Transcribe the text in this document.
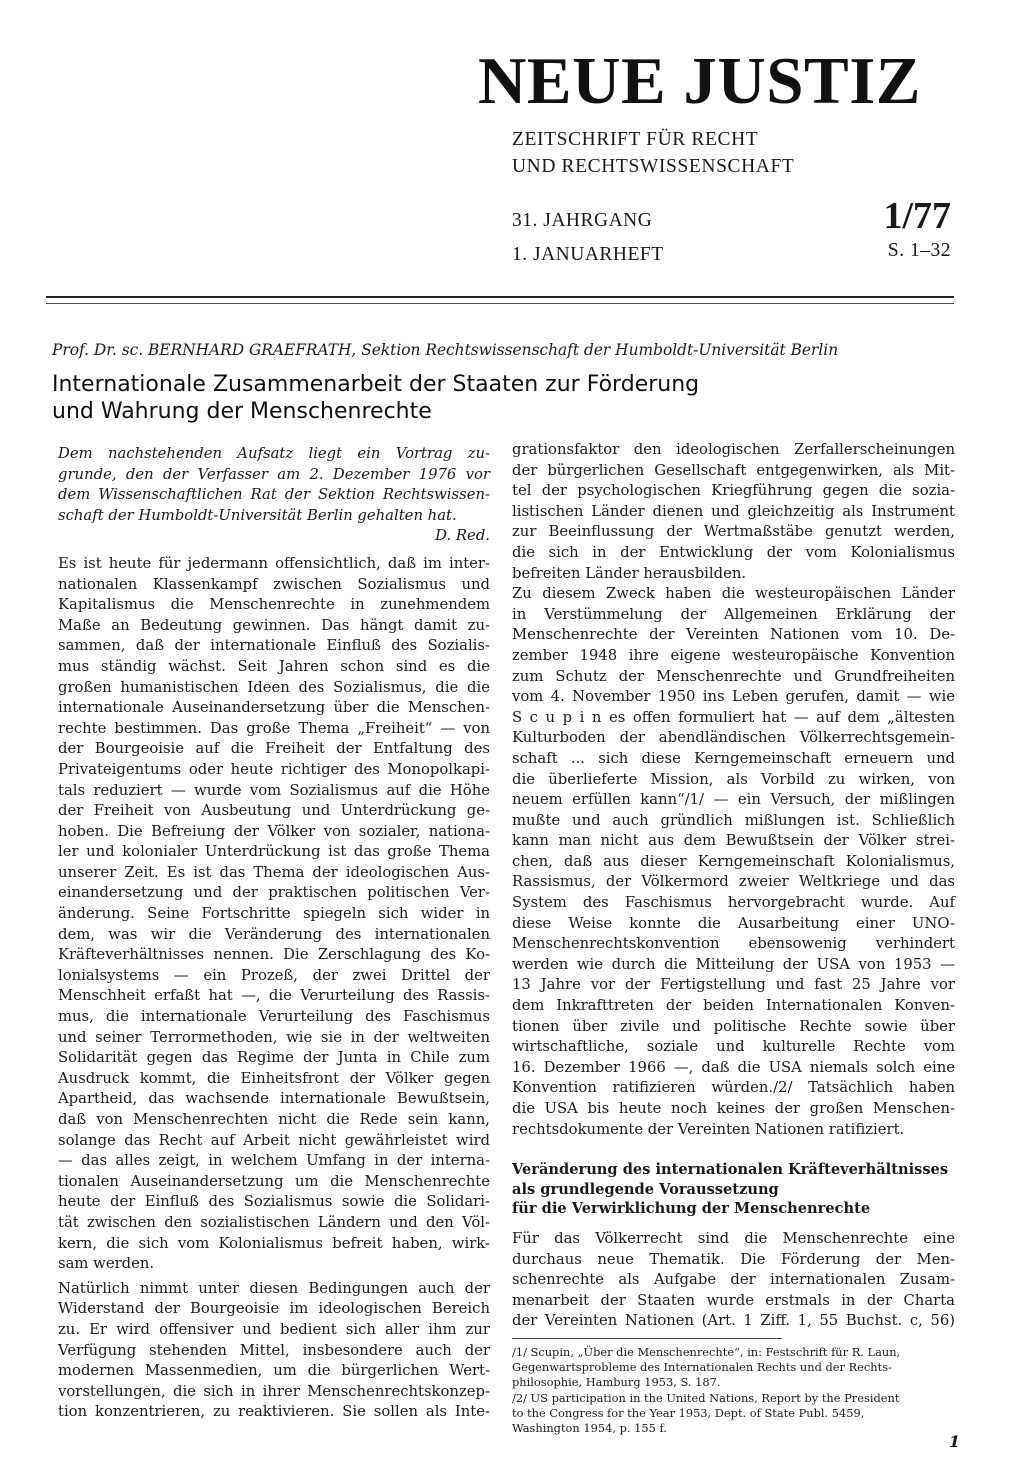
NEUE JUSTIZ
ZEITSCHRIFT FÜR RECHT
UND RECHTSWISSENSCHAFT
31. JAHRGANG
1. JANUARHEFT
1/77
S. 1–32
Prof. Dr. sc. BERNHARD GRAEFRATH, Sektion Rechtswissenschaft der Humboldt-Universität Berlin
Internationale Zusammenarbeit der Staaten zur Förderung
und Wahrung der Menschenrechte
Dem nachstehenden Aufsatz liegt ein Vortrag zu-
grunde, den der Verfasser am 2. Dezember 1976 vor
dem Wissenschaftlichen Rat der Sektion Rechtswissen-
schaft der Humboldt-Universität Berlin gehalten hat.
D. Red.
Es ist heute für jedermann offensichtlich, daß im inter-
nationalen Klassenkampf zwischen Sozialismus und
Kapitalismus die Menschenrechte in zunehmendem
Maße an Bedeutung gewinnen. Das hängt damit zu-
sammen, daß der internationale Einfluß des Sozialis-
mus ständig wächst. Seit Jahren schon sind es die
großen humanistischen Ideen des Sozialismus, die die
internationale Auseinandersetzung über die Menschen-
rechte bestimmen. Das große Thema „Freiheit“ — von
der Bourgeoisie auf die Freiheit der Entfaltung des
Privateigentums oder heute richtiger des Monopolkapi-
tals reduziert — wurde vom Sozialismus auf die Höhe
der Freiheit von Ausbeutung und Unterdrückung ge-
hoben. Die Befreiung der Völker von sozialer, nationa-
ler und kolonialer Unterdrückung ist das große Thema
unserer Zeit. Es ist das Thema der ideologischen Aus-
einandersetzung und der praktischen politischen Ver-
änderung. Seine Fortschritte spiegeln sich wider in
dem, was wir die Veränderung des internationalen
Kräfteverhältnisses nennen. Die Zerschlagung des Ko-
lonialsystems — ein Prozeß, der zwei Drittel der
Menschheit erfaßt hat —, die Verurteilung des Rassis-
mus, die internationale Verurteilung des Faschismus
und seiner Terrormethoden, wie sie in der weltweiten
Solidarität gegen das Regime der Junta in Chile zum
Ausdruck kommt, die Einheitsfront der Völker gegen
Apartheid, das wachsende internationale Bewußtsein,
daß von Menschenrechten nicht die Rede sein kann,
solange das Recht auf Arbeit nicht gewährleistet wird
— das alles zeigt, in welchem Umfang in der interna-
tionalen Auseinandersetzung um die Menschenrechte
heute der Einfluß des Sozialismus sowie die Solidari-
tät zwischen den sozialistischen Ländern und den Völ-
kern, die sich vom Kolonialismus befreit haben, wirk-
sam werden.
Natürlich nimmt unter diesen Bedingungen auch der
Widerstand der Bourgeoisie im ideologischen Bereich
zu. Er wird offensiver und bedient sich aller ihm zur
Verfügung stehenden Mittel, insbesondere auch der
modernen Massenmedien, um die bürgerlichen Wert-
vorstellungen, die sich in ihrer Menschenrechtskonzep-
tion konzentrieren, zu reaktivieren. Sie sollen als Inte-
grationsfaktor den ideologischen Zerfallerscheinungen
der bürgerlichen Gesellschaft entgegenwirken, als Mit-
tel der psychologischen Kriegführung gegen die sozia-
listischen Länder dienen und gleichzeitig als Instrument
zur Beeinflussung der Wertmaßstäbe genutzt werden,
die sich in der Entwicklung der vom Kolonialismus
befreiten Länder herausbilden.
Zu diesem Zweck haben die westeuropäischen Länder
in Verstümmelung der Allgemeinen Erklärung der
Menschenrechte der Vereinten Nationen vom 10. De-
zember 1948 ihre eigene westeuropäische Konvention
zum Schutz der Menschenrechte und Grundfreiheiten
vom 4. November 1950 ins Leben gerufen, damit — wie
S c u p i n es offen formuliert hat — auf dem „ältesten
Kulturboden der abendländischen Völkerrechtsgemein-
schaft ... sich diese Kerngemeinschaft erneuern und
die überlieferte Mission, als Vorbild zu wirken, von
neuem erfüllen kann“/1/ — ein Versuch, der mißlingen
mußte und auch gründlich mißlungen ist. Schließlich
kann man nicht aus dem Bewußtsein der Völker strei-
chen, daß aus dieser Kerngemeinschaft Kolonialismus,
Rassismus, der Völkermord zweier Weltkriege und das
System des Faschismus hervorgebracht wurde. Auf
diese Weise konnte die Ausarbeitung einer UNO-
Menschenrechtskonvention ebensowenig verhindert
werden wie durch die Mitteilung der USA von 1953 —
13 Jahre vor der Fertigstellung und fast 25 Jahre vor
dem Inkrafttreten der beiden Internationalen Konven-
tionen über zivile und politische Rechte sowie über
wirtschaftliche, soziale und kulturelle Rechte vom
16. Dezember 1966 —, daß die USA niemals solch eine
Konvention ratifizieren würden./2/ Tatsächlich haben
die USA bis heute noch keines der großen Menschen-
rechtsdokumente der Vereinten Nationen ratifiziert.
Veränderung des internationalen Kräfteverhältnisses
als grundlegende Voraussetzung
für die Verwirklichung der Menschenrechte
Für das Völkerrecht sind die Menschenrechte eine
durchaus neue Thematik. Die Förderung der Men-
schenrechte als Aufgabe der internationalen Zusam-
menarbeit der Staaten wurde erstmals in der Charta
der Vereinten Nationen (Art. 1 Ziff. 1, 55 Buchst. c, 56)
/1/ Scupin, „Über die Menschenrechte“, in: Festschrift für R. Laun,
Gegenwartsprobleme des Internationalen Rechts und der Rechts-
philosophie, Hamburg 1953, S. 187.
/2/ US participation in the United Nations, Report by the President
to the Congress for the Year 1953, Dept. of State Publ. 5459,
Washington 1954, p. 155 f.
1
